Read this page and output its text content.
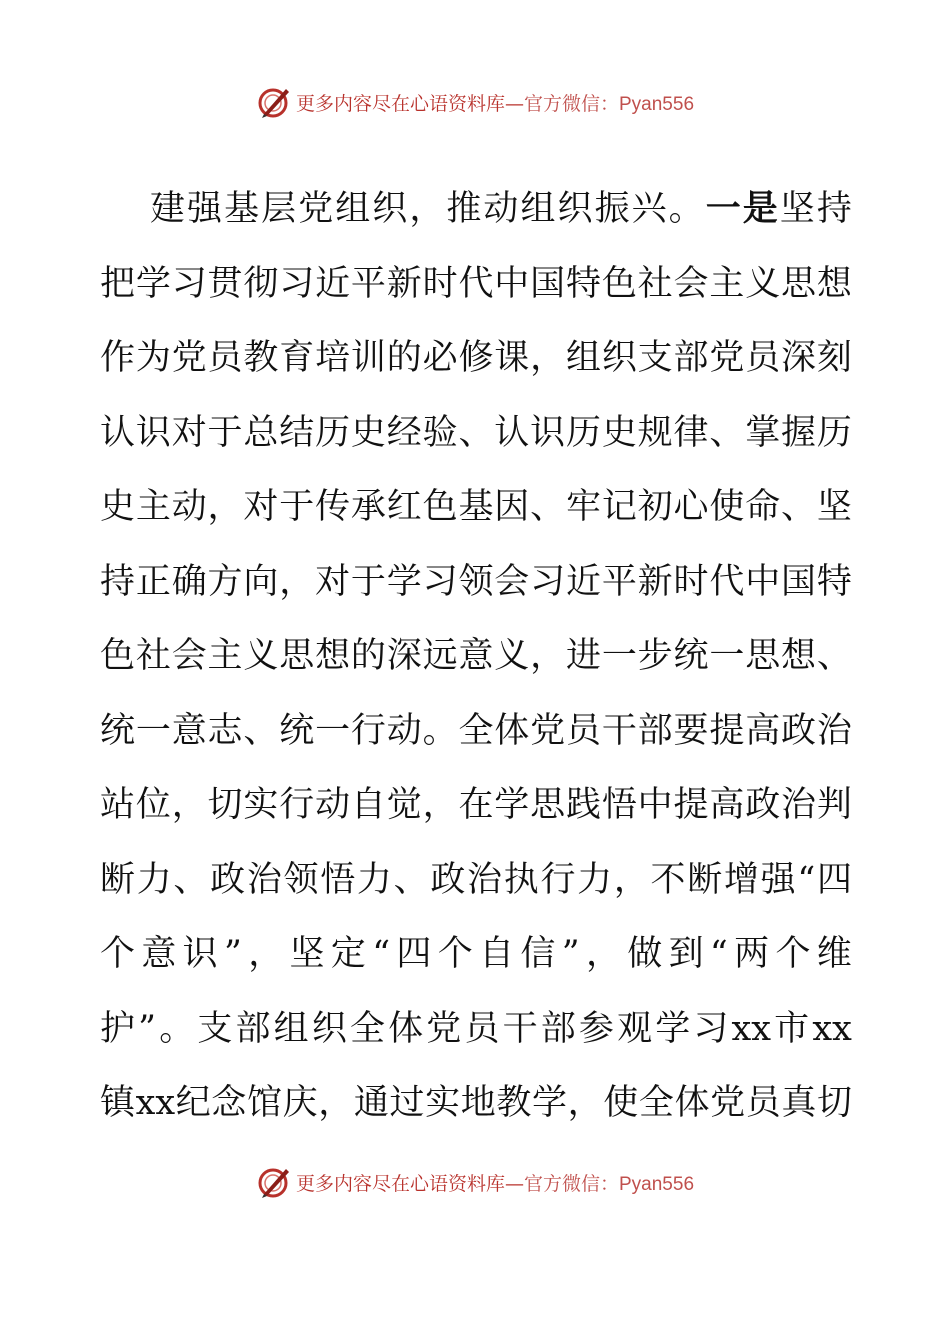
更多内容尽在心语资料库—官方微信：Pyan556
建 强 基 层 党 组 织 ， 推 动 组 织 振 兴 。 一 是 坚 持
把 学 习 贯 彻 习 近 平 新 时 代 中 国 特 色 社 会 主 义 思 想
作 为 党 员 教 育 培 训 的 必 修 课 ， 组 织 支 部 党 员 深 刻
认 识 对 于 总 结 历 史 经 验 、 认 识 历 史 规 律 、 掌 握 历
史 主 动 ， 对 于 传 承 红 色 基 因 、 牢 记 初 心 使 命 、 坚
持 正 确 方 向 ， 对 于 学 习 领 会 习 近 平 新 时 代 中 国 特
色 社 会 主 义 思 想 的 深 远 意 义 ， 进 一 步 统 一 思 想 、
统 一 意 志 、 统 一 行 动 。 全 体 党 员 干 部 要 提 高 政 治
站 位 ， 切 实 行 动 自 觉 ， 在 学 思 践 悟 中 提 高 政 治 判
断 力 、 政 治 领 悟 力 、 政 治 执 行 力 ， 不 断 增 强 “ 四
个 意 识 ” ， 坚 定 “ 四 个 自 信 ” ， 做 到 “ 两 个 维
护 ” 。 支 部 组 织 全 体 党 员 干 部 参 观 学 习 xx 市 xx
镇 xx 纪 念 馆 庆 ， 通 过 实 地 教 学 ， 使 全 体 党 员 真 切
更多内容尽在心语资料库—官方微信：Pyan556
